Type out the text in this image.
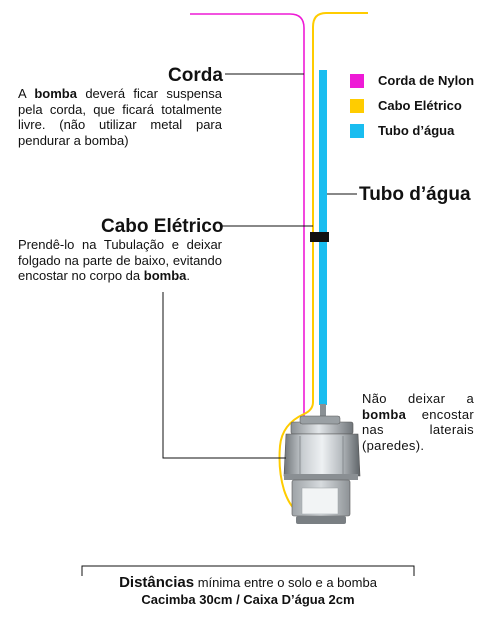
Corda
A bomba deverá ficar suspensa pela corda, que ficará totalmente livre. (não utilizar metal para pendurar a bomba)
Cabo Elétrico
Prendê-lo na Tubulação e deixar folgado na parte de baixo, evitando encostar no corpo da bomba.
Tubo d’água
Corda de Nylon
Cabo Elétrico
Tubo d’água
Não deixar a bomba encostar nas laterais (paredes).
Distâncias mínima entre o solo e a bomba
Cacimba 30cm / Caixa D’água 2cm
